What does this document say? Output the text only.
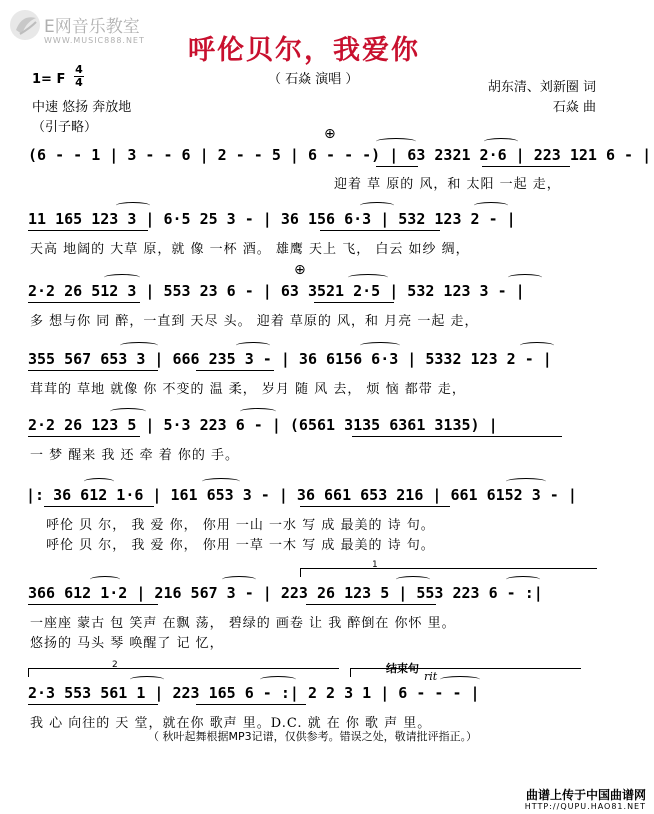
E网音乐教室
WWW.MUSIC888.NET 呼伦贝尔，我爱你
（ 石焱 演唱 ）
1= F
4
4
中速 悠扬 奔放地
（引子略）
胡东清、刘新圈 词
石焱 曲
⊕
⊕
(6 - - 1 | 3 - - 6 | 2 - - 5 | 6 - - -) | 63 2321 2·6 | 223 121 6 - |
迎着 草 原的 风，和 太阳 一起 走，
11 165 123 3 | 6·5 25 3 - | 36 156 6·3 | 532 123 2 - |
天高 地阔的 大草 原，就 像 一杯 酒。 雄鹰 天上 飞， 白云 如纱 绸，
2·2 26 512 3 | 553 23 6 - | 63 3521 2·5 | 532 123 3 - |
多 想与你 同 醉，一直到 天尽 头。 迎着 草原的 风，和 月亮 一起 走，
355 567 653 3 | 666 235 3 - | 36 6156 6·3 | 5332 123 2 - |
茸茸的 草地 就像 你 不变的 温 柔， 岁月 随 风 去， 烦 恼 都带 走，
2·2 26 123 5 | 5·3 223 6 - | (6561 3135 6361 3135) |
一 梦 醒来 我 还 牵 着 你的 手。
|: 36 612 1·6 | 161 653 3 - | 36 661 653 216 | 661 6152 3 - |
呼伦 贝 尔， 我 爱 你， 你用 一山 一水 写 成 最美的 诗 句。
呼伦 贝 尔， 我 爱 你， 你用 一草 一木 写 成 最美的 诗 句。
1
366 612 1·2 | 216 567 3 - | 223 26 123 5 | 553 223 6 - :|
一座座 蒙古 包 笑声 在飘 荡， 碧绿的 画卷 让 我 醉倒在 你怀 里。
悠扬的 马头 琴 唤醒了 记 忆，
2	结束句
rit
2·3 553 561 1 | 223 165 6 - :| 2 2 3 1 | 6 - - - |
我 心 向往的 天 堂，就在你 歌声 里。D.C. 就 在 你 歌 声 里。
（ 秋叶起舞根据MP3记谱，仅供参考。错误之处，敬请批评指正。）
曲谱上传于中国曲谱网
HTTP://QUPU.HAO81.NET
